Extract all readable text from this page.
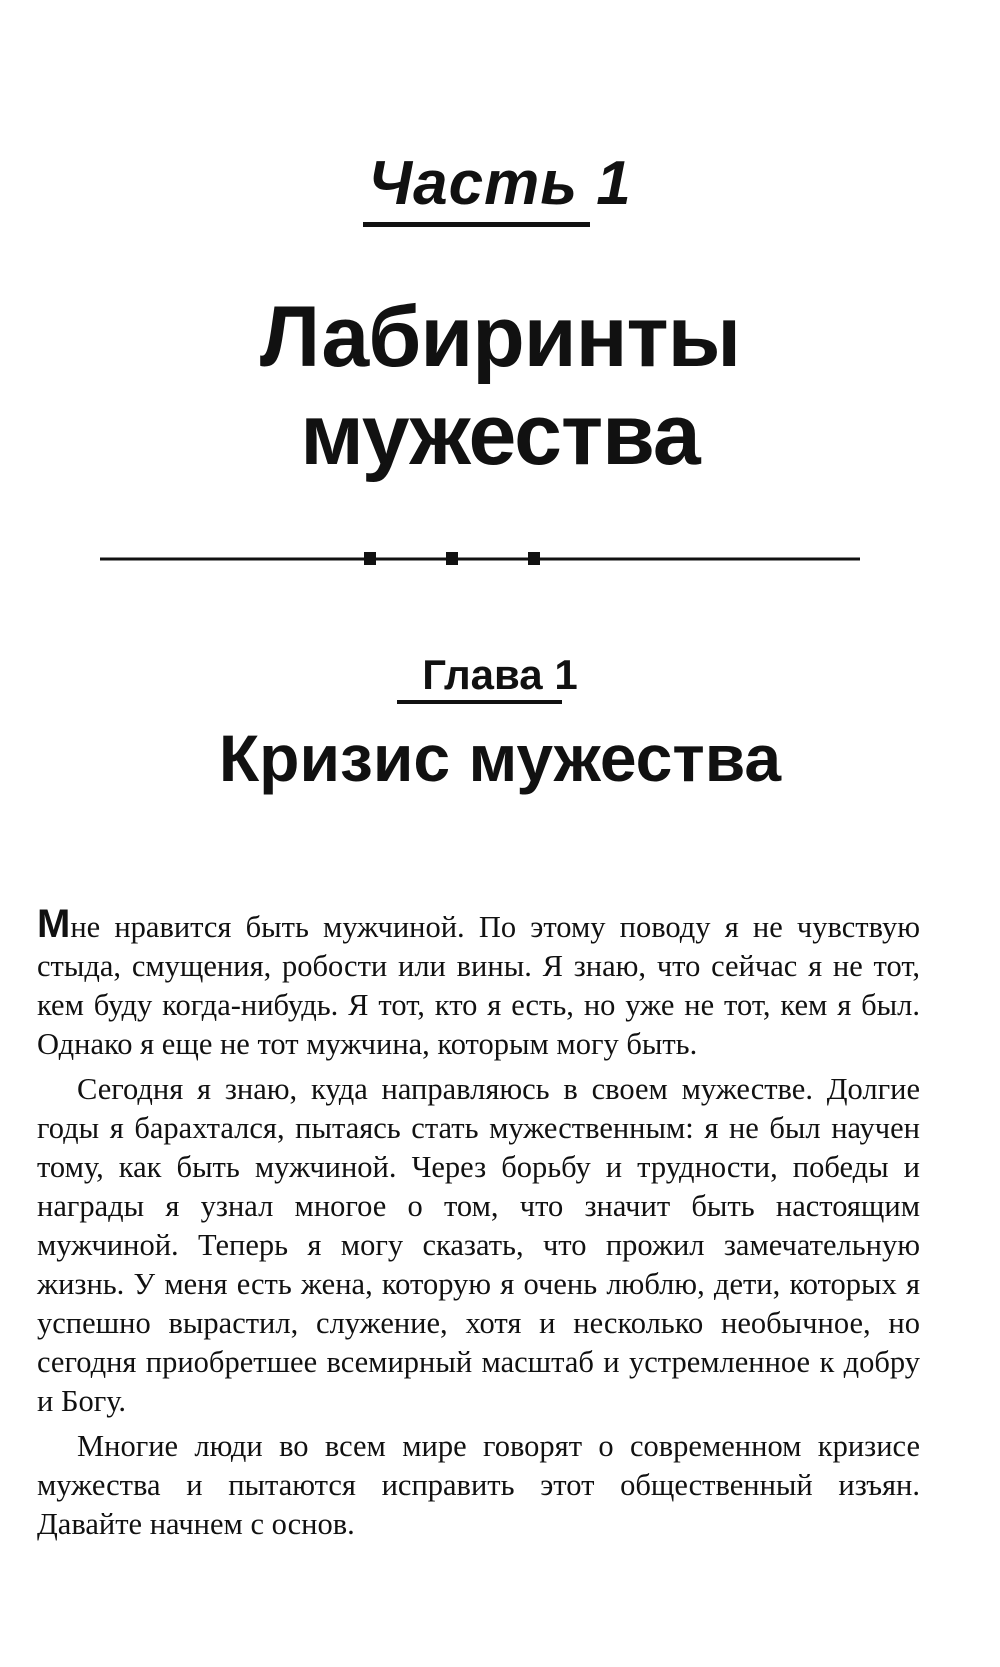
Часть 1
Лабиринты
мужества
Глава 1
Кризис мужества

Мне нравится быть мужчиной. По этому поводу я не чувствую стыда, смущения, робости или вины. Я знаю, что сейчас я не тот, кем буду когда-нибудь. Я тот, кто я есть, но уже не тот, кем я был. Однако я еще не тот мужчина, которым могу быть.

Сегодня я знаю, куда направляюсь в своем мужестве. Долгие годы я барахтался, пытаясь стать мужественным: я не был научен тому, как быть мужчиной. Через борьбу и трудности, победы и награды я узнал многое о том, что значит быть настоящим мужчиной. Теперь я могу сказать, что прожил замечательную жизнь. У меня есть жена, которую я очень люблю, дети, которых я успешно вырастил, служение, хотя и несколько необычное, но сегодня приобретшее всемирный масштаб и устремленное к добру и Богу.

Многие люди во всем мире говорят о современном кризисе мужества и пытаются исправить этот общественный изъян. Давайте начнем с основ.
